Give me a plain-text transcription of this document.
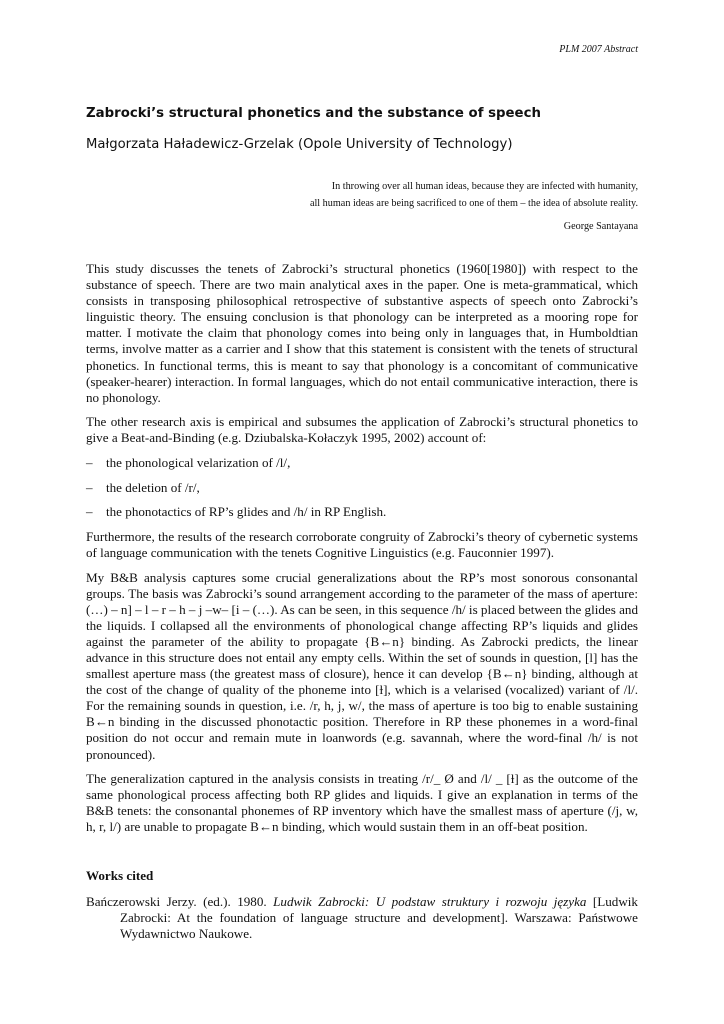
PLM 2007 Abstract
Zabrocki’s structural phonetics and the substance of speech
Małgorzata Haładewicz-Grzelak (Opole University of Technology)
In throwing over all human ideas, because they are infected with humanity,
all human ideas are being sacrificed to one of them – the idea of absolute reality.
George Santayana

This study discusses the tenets of Zabrocki’s structural phonetics (1960[1980]) with respect to the substance of speech. There are two main analytical axes in the paper. One is meta-grammatical, which consists in transposing philosophical retrospective of substantive aspects of speech onto Zabrocki’s linguistic theory. The ensuing conclusion is that phonology can be interpreted as a mooring rope for matter. I motivate the claim that phonology comes into being only in languages that, in Humboldtian terms, involve matter as a carrier and I show that this statement is consistent with the tenets of structural phonetics. In functional terms, this is meant to say that phonology is a concomitant of communicative (speaker-hearer) interaction. In formal languages, which do not entail communicative interaction, there is no phonology.

The other research axis is empirical and subsumes the application of Zabrocki’s structural phonetics to give a Beat-and-Binding (e.g. Dziubalska-Kołaczyk 1995, 2002) account of:

–	the phonological velarization of /l/,
–	the deletion of /r/,
–	the phonotactics of RP’s glides and /h/ in RP English.

Furthermore, the results of the research corroborate congruity of Zabrocki’s theory of cybernetic systems of language communication with the tenets Cognitive Linguistics (e.g. Fauconnier 1997).

My B&B analysis captures some crucial generalizations about the RP’s most sonorous consonantal groups. The basis was Zabrocki’s sound arrangement according to the parameter of the mass of aperture: (…) – n] – l – r – h – j –w– [i – (…). As can be seen, in this sequence /h/ is placed between the glides and the liquids. I collapsed all the environments of phonological change affecting RP’s liquids and glides against the parameter of the ability to propagate {B←n} binding. As Zabrocki predicts, the linear advance in this structure does not entail any empty cells. Within the set of sounds in question, [l] has the smallest aperture mass (the greatest mass of closure), hence it can develop {B←n} binding, although at the cost of the change of quality of the phoneme into [ɫ], which is a velarised (vocalized) variant of /l/. For the remaining sounds in question, i.e. /r, h, j, w/, the mass of aperture is too big to enable sustaining B←n binding in the discussed phonotactic position. Therefore in RP these phonemes in a word-final position do not occur and remain mute in loanwords (e.g. savannah, where the word-final /h/ is not pronounced).

The generalization captured in the analysis consists in treating /r/_ Ø and /l/ _ [ɫ] as the outcome of the same phonological process affecting both RP glides and liquids. I give an explanation in terms of the B&B tenets: the consonantal phonemes of RP inventory which have the smallest mass of aperture (/j, w, h, r, l/) are unable to propagate B←n binding, which would sustain them in an off-beat position.

Works cited

Bańczerowski Jerzy. (ed.). 1980. Ludwik Zabrocki: U podstaw struktury i rozwoju języka [Ludwik Zabrocki: At the foundation of language structure and development]. Warszawa: Państwowe Wydawnictwo Naukowe.
